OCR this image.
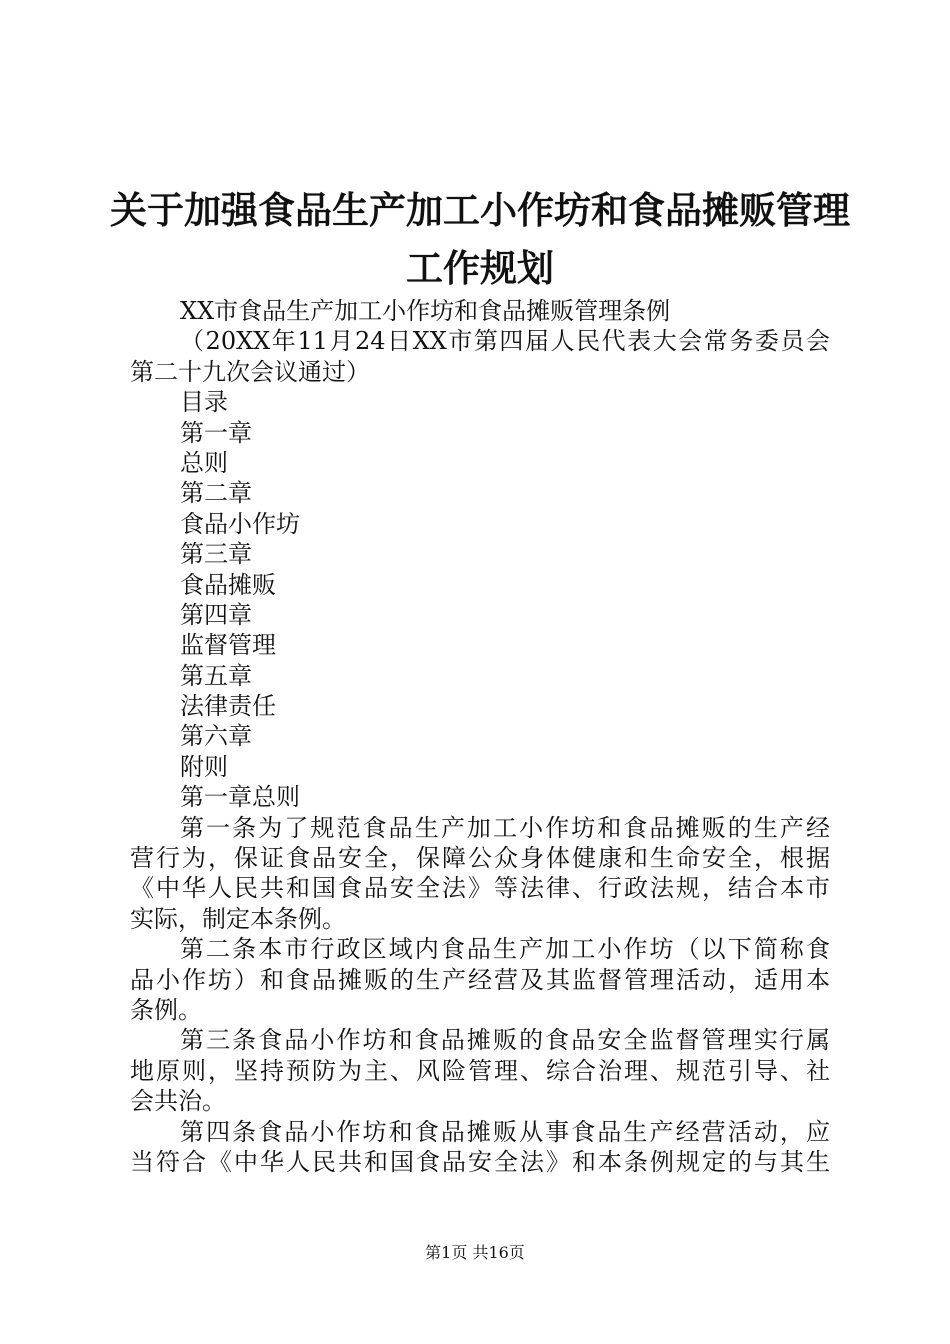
关于加强食品生产加工小作坊和食品摊贩管理
工作规划
XX市食品生产加工小作坊和食品摊贩管理条例
（20XX年11月24日XX市第四届人民代表大会常务委员会
第二十九次会议通过）
目录
第一章
总则
第二章
食品小作坊
第三章
食品摊贩
第四章
监督管理
第五章
法律责任
第六章
附则
第一章总则
第一条为了规范食品生产加工小作坊和食品摊贩的生产经
营行为，保证食品安全，保障公众身体健康和生命安全，根据
《中华人民共和国食品安全法》等法律、行政法规，结合本市
实际，制定本条例。
第二条本市行政区域内食品生产加工小作坊（以下简称食
品小作坊）和食品摊贩的生产经营及其监督管理活动，适用本
条例。
第三条食品小作坊和食品摊贩的食品安全监督管理实行属
地原则，坚持预防为主、风险管理、综合治理、规范引导、社
会共治。
第四条食品小作坊和食品摊贩从事食品生产经营活动，应
当符合《中华人民共和国食品安全法》和本条例规定的与其生
第1页 共16页
